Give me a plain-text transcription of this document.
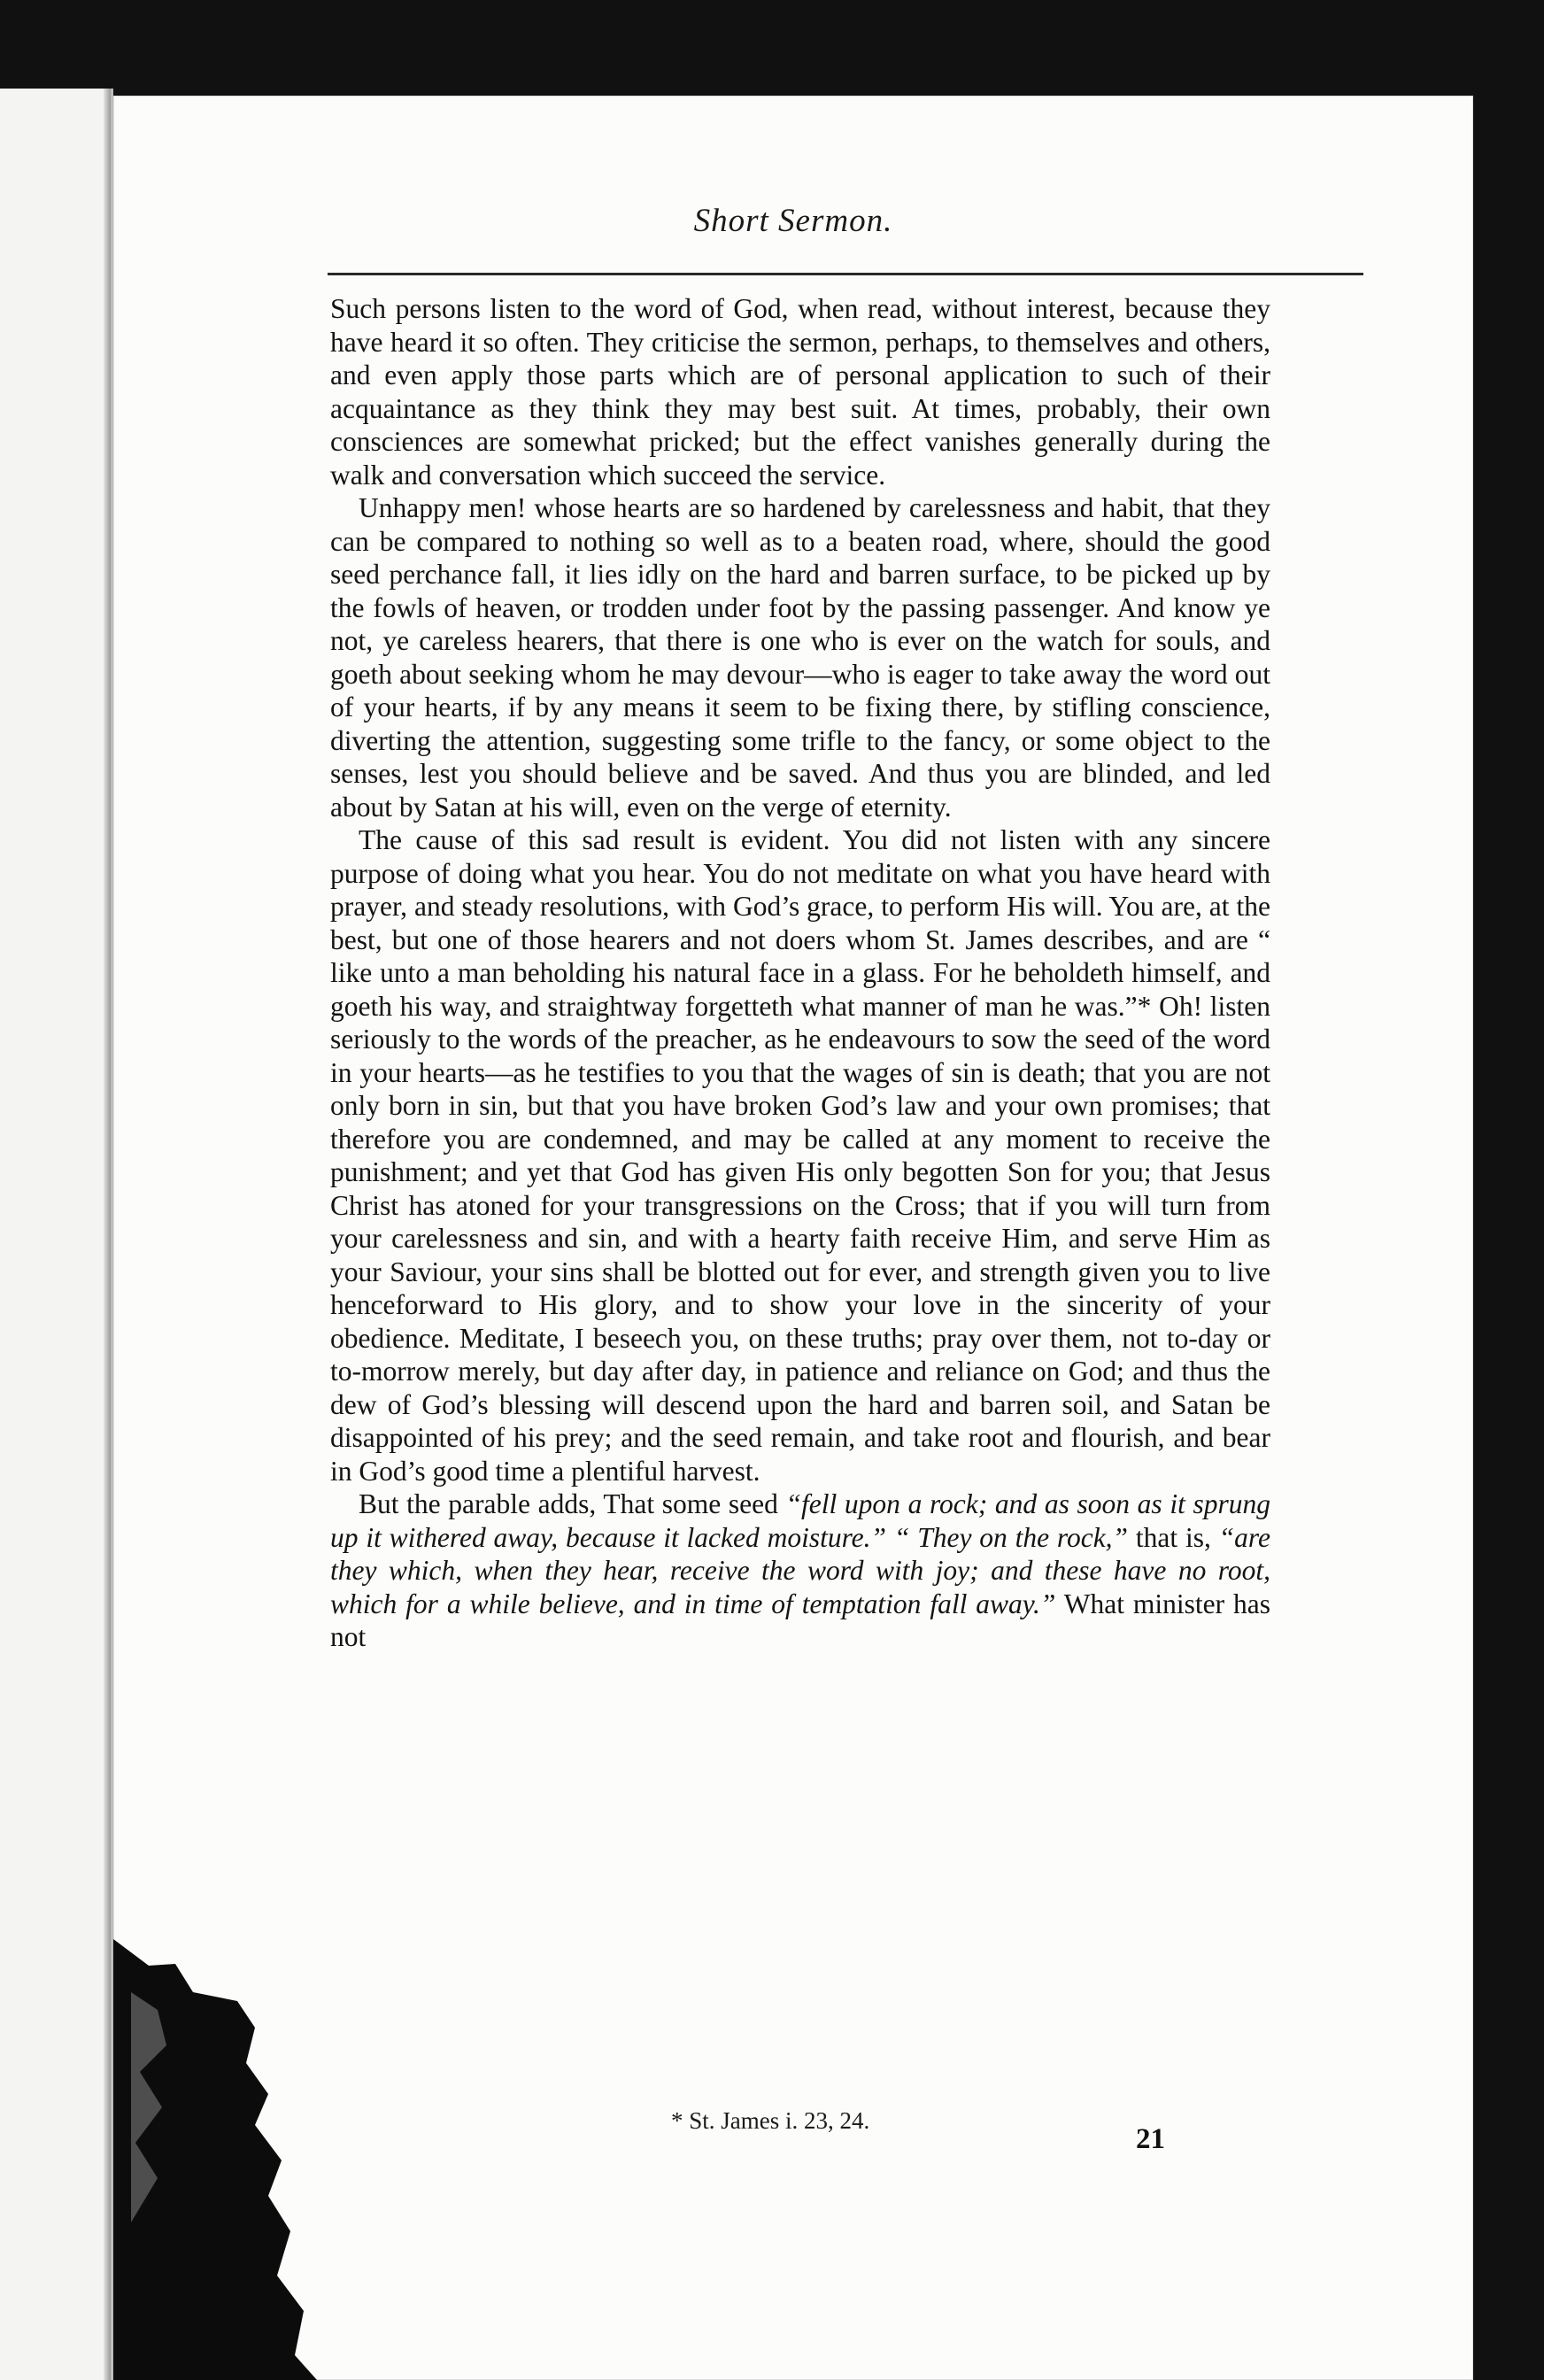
Short Sermon.

Such persons listen to the word of God, when read, without interest, because they have heard it so often. They criticise the sermon, perhaps, to themselves and others, and even apply those parts which are of personal application to such of their acquaintance as they think they may best suit. At times, probably, their own consciences are somewhat pricked; but the effect vanishes generally during the walk and conversation which succeed the service.

Unhappy men! whose hearts are so hardened by carelessness and habit, that they can be compared to nothing so well as to a beaten road, where, should the good seed perchance fall, it lies idly on the hard and barren surface, to be picked up by the fowls of heaven, or trodden under foot by the passing passenger. And know ye not, ye careless hearers, that there is one who is ever on the watch for souls, and goeth about seeking whom he may devour—who is eager to take away the word out of your hearts, if by any means it seem to be fixing there, by stifling conscience, diverting the attention, suggesting some trifle to the fancy, or some object to the senses, lest you should believe and be saved. And thus you are blinded, and led about by Satan at his will, even on the verge of eternity.

The cause of this sad result is evident. You did not listen with any sincere purpose of doing what you hear. You do not meditate on what you have heard with prayer, and steady resolutions, with God’s grace, to perform His will. You are, at the best, but one of those hearers and not doers whom St. James describes, and are “ like unto a man beholding his natural face in a glass. For he beholdeth himself, and goeth his way, and straightway forgetteth what manner of man he was.”* Oh! listen seriously to the words of the preacher, as he endeavours to sow the seed of the word in your hearts—as he testifies to you that the wages of sin is death; that you are not only born in sin, but that you have broken God’s law and your own promises; that therefore you are condemned, and may be called at any moment to receive the punishment; and yet that God has given His only begotten Son for you; that Jesus Christ has atoned for your transgressions on the Cross; that if you will turn from your carelessness and sin, and with a hearty faith receive Him, and serve Him as your Saviour, your sins shall be blotted out for ever, and strength given you to live henceforward to His glory, and to show your love in the sincerity of your obedience. Meditate, I beseech you, on these truths; pray over them, not to-day or to-morrow merely, but day after day, in patience and reliance on God; and thus the dew of God’s blessing will descend upon the hard and barren soil, and Satan be disappointed of his prey; and the seed remain, and take root and flourish, and bear in God’s good time a plentiful harvest.

But the parable adds, That some seed “fell upon a rock; and as soon as it sprung up it withered away, because it lacked moisture.” “ They on the rock,” that is, “are they which, when they hear, receive the word with joy; and these have no root, which for a while believe, and in time of temptation fall away.” What minister has not

* St. James i. 23, 24.
21
